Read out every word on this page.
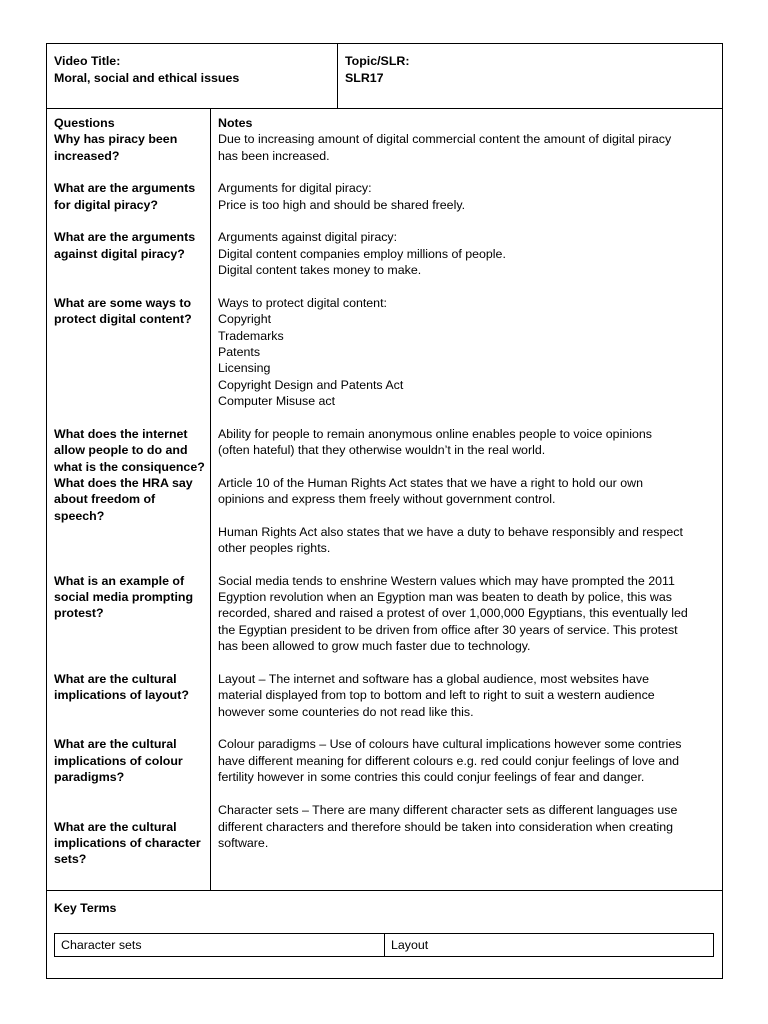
Video Title:
Moral, social and ethical issues
Topic/SLR:
SLR17
Questions
Why has piracy been
increased?
What are the arguments
for digital piracy?
What are the arguments
against digital piracy?
What are some ways to
protect digital content?
What does the internet
allow people to do and
what is the consiquence?
What does the HRA say
about freedom of
speech?
What is an example of
social media prompting
protest?
What are the cultural
implications of layout?
What are the cultural
implications of colour
paradigms?
What are the cultural
implications of character
sets?
Notes
Due to increasing amount of digital commercial content the amount of digital piracy
has been increased.
Arguments for digital piracy:
Price is too high and should be shared freely.
Arguments against digital piracy:
Digital content companies employ millions of people.
Digital content takes money to make.
Ways to protect digital content:
Copyright
Trademarks
Patents
Licensing
Copyright Design and Patents Act
Computer Misuse act
Ability for people to remain anonymous online enables people to voice opinions
(often hateful) that they otherwise wouldn’t in the real world.
Article 10 of the Human Rights Act states that we have a right to hold our own
opinions and express them freely without government control.
Human Rights Act also states that we have a duty to behave responsibly and respect
other peoples rights.
Social media tends to enshrine Western values which may have prompted the 2011
Egyption revolution when an Egyption man was beaten to death by police, this was
recorded, shared and raised a protest of over 1,000,000 Egyptians, this eventually led
the Egyptian president to be driven from office after 30 years of service. This protest
has been allowed to grow much faster due to technology.
Layout – The internet and software has a global audience, most websites have
material displayed from top to bottom and left to right to suit a western audience
however some counteries do not read like this.
Colour paradigms – Use of colours have cultural implications however some contries
have different meaning for different colours e.g. red could conjur feelings of love and
fertility however in some contries this could conjur feelings of fear and danger.
Character sets – There are many different character sets as different languages use
different characters and therefore should be taken into consideration when creating
software.
Key Terms
Character sets	Layout
